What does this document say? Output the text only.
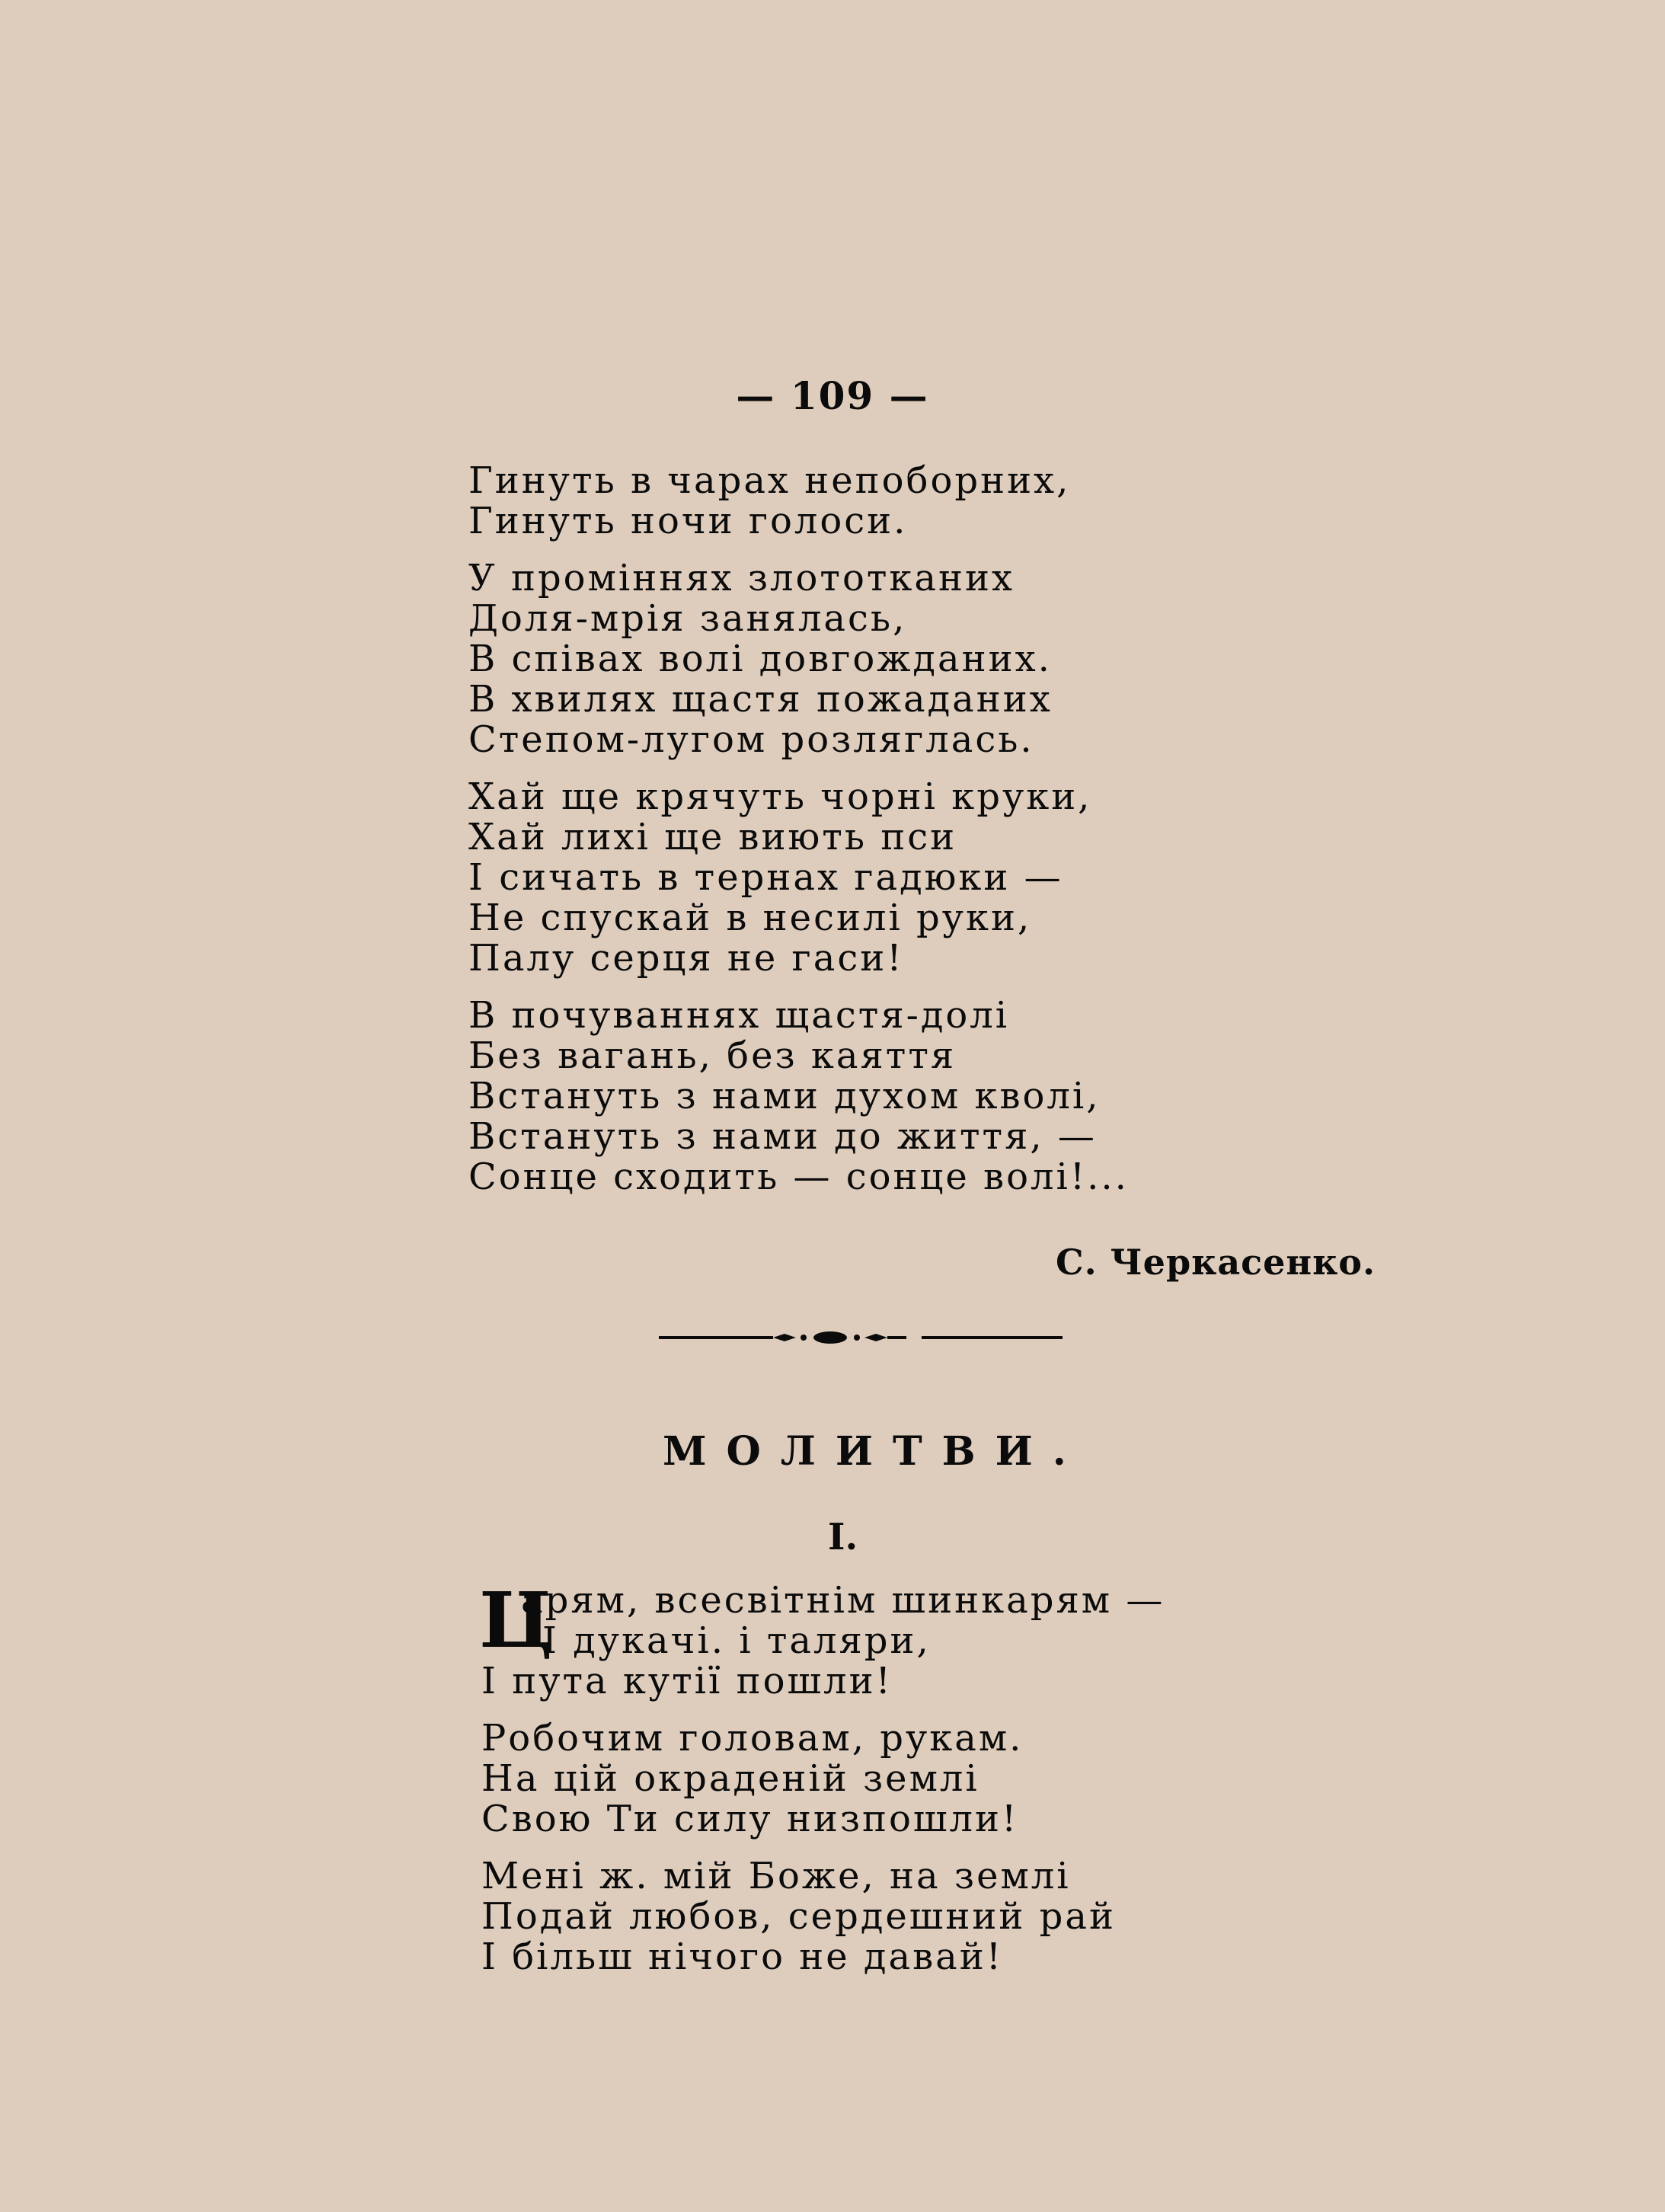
— 109 —
Гинуть в чарах непоборних,
Гинуть ночи голоси.
У проміннях злототканих
Доля-мрія занялась,
В співах волі довгожданих.
В хвилях щастя пожаданих
Степом-лугом розляглась.
Хай ще крячуть чорні круки,
Хай лихі ще виють пси
І сичать в тернах гадюки —
Не спускай в несилі руки,
Палу серця не гаси!
В почуваннях щастя-долі
Без вагань, без каяття
Встануть з нами духом кволі,
Встануть з нами до життя, —
Сонце сходить — сонце волі!...
С. Черкасенко.
МОЛИТВИ.
І.
Ц
арям, всесвітнім шинкарям —
І дукачі. і таляри,
І пута кутії пошли!
Робочим головам, рукам.
На цій окраденій землі
Свою Ти силу низпошли!
Мені ж. мій Боже, на землі
Подай любов, сердешний рай
І більш нічого не давай!
